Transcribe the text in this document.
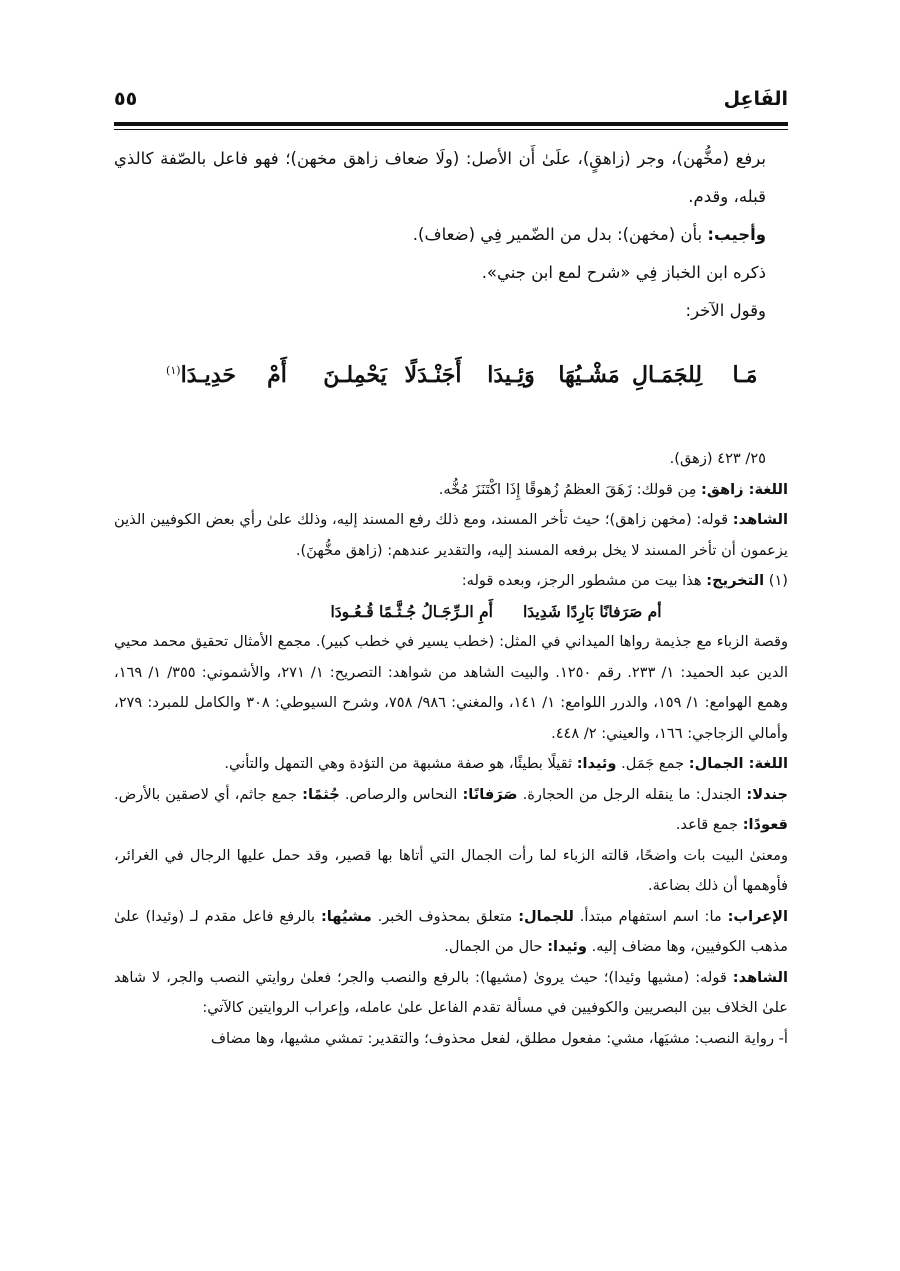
الفَاعِل
٥٥

برفع (مخُّهن)، وجر (زاهقٍ)، علَىٰ أَن الأصل: (ولَا ضعاف زاهق مخهن)؛ فهو فاعل بالصّفة كالذي قبله، وقدم.

وأجيب: بأن (مخهن): بدل من الضّمير فِي (ضعاف).

ذكره ابن الخباز فِي «شرح لمع ابن جني».

وقول الآخر:

مَـا
لِلجَمَـالِ
مَشْـيُهَا
وَئِـيدَا
أَجَنْـدَلًا
يَحْمِلـنَ
أَمْ
حَدِيـدَا$^{(١)}$

٢٥/ ٤٢٣ (زهق).

اللغة: زاهق: مِن قولك: زَهَقَ العظمُ زُهوقًا إِذَا اكْتَنَزَ مُخُّه.

الشاهد: قوله: (مخهن زاهق)؛ حيث تأخر المسند، ومع ذلك رفع المسند إليه، وذلك علىٰ رأي بعض الكوفيين الذين يزعمون أن تأخر المسند لا يخل برفعه المسند إليه، والتقدير عندهم: (زاهق مخُّهنَ).

(١) التخريج: هذا بيت من مشطور الرجز، وبعده قوله:

أم صَرَفانًا بَارِدًا شَدِيدَا
أَمِ الـرِّجَـالُ جُـثَّـمًا قُـعُـودَا

وقصة الزباء مع جذيمة رواها الميداني في المثل: (خطب يسير في خطب كبير). مجمع الأمثال تحقيق محمد محيي الدين عبد الحميد: ١/ ٢٣٣. رقم ١٢٥٠. والبيت الشاهد من شواهد: التصريح: ١/ ٢٧١، والأشموني: ٣٥٥/ ١/ ١٦٩، وهمع الهوامع: ١/ ١٥٩، والدرر اللوامع: ١/ ١٤١، والمغني: ٩٨٦/ ٧٥٨، وشرح السيوطي: ٣٠٨ والكامل للمبرد: ٢٧٩، وأمالي الزجاجي: ١٦٦، والعيني: ٢/ ٤٤٨.

اللغة: الجمال: جمع جَمَل. وئيدا: ثقيلًا بطيئًا، هو صفة مشبهة من التؤدة وهي التمهل والتأني.

جندلا: الجندل: ما ينقله الرجل من الحجارة. صَرَفانًا: النحاس والرصاص. جُثمًا: جمع جاثم، أي لاصقين بالأرض. قعودًا: جمع قاعد.

ومعنىٰ البيت بات واضحًا، قالته الزباء لما رأت الجمال التي أتاها بها قصير، وقد حمل عليها الرجال في الغرائر، فأوهمها أن ذلك بضاعة.

الإعراب: ما: اسم استفهام مبتدأ. للجمال: متعلق بمحذوف الخبر. مشيُها: بالرفع فاعل مقدم لـ (وئيدا) علىٰ مذهب الكوفيين، وها مضاف إليه. وئيدا: حال من الجمال.

الشاهد: قوله: (مشيها وئيدا)؛ حيث يروىٰ (مشيها): بالرفع والنصب والجر؛ فعلىٰ روايتي النصب والجر، لا شاهد علىٰ الخلاف بين البصريين والكوفيين في مسألة تقدم الفاعل علىٰ عامله، وإعراب الروايتين كالآتي:

أ- رواية النصب: مشيَها، مشي: مفعول مطلق، لفعل محذوف؛ والتقدير: تمشي مشيها، وها مضاف
